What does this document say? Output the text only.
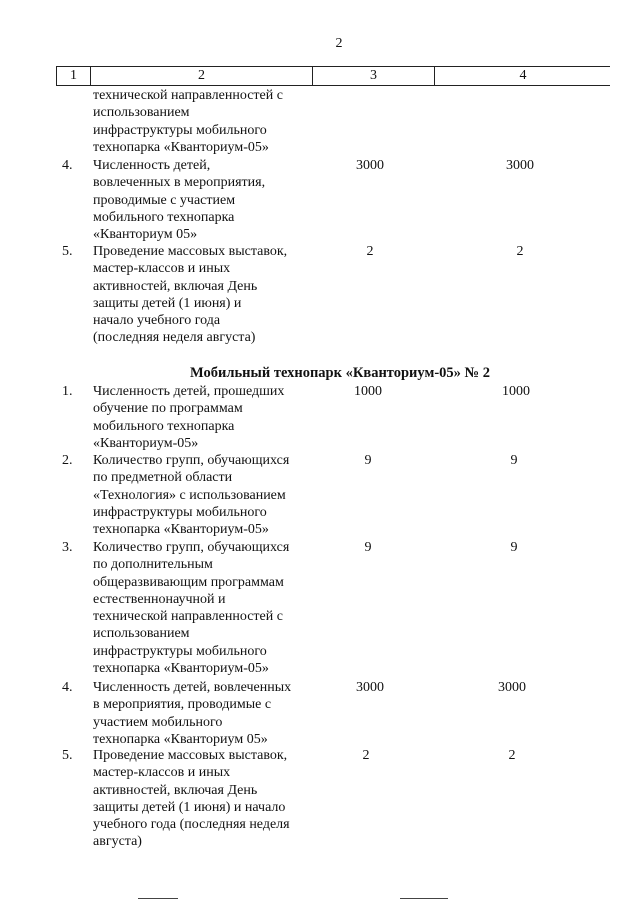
2
1	2	3	4
технической направленностей с
использованием
инфраструктуры мобильного
технопарка «Кванториум-05»
4. Численность детей,
вовлеченных в мероприятия,
проводимые с участием
мобильного технопарка
«Кванториум 05»
3000	3000
5. Проведение массовых выставок,
мастер-классов и иных
активностей, включая День
защиты детей (1 июня) и
начало учебного года
(последняя неделя августа)
2	2
Мобильный технопарк «Кванториум-05» № 2
1. Численность детей, прошедших
обучение по программам
мобильного технопарка
«Кванториум-05»
1000	1000
2. Количество групп, обучающихся
по предметной области
«Технология» с использованием
инфраструктуры мобильного
технопарка «Кванториум-05»
9	9
3. Количество групп, обучающихся
по дополнительным
общеразвивающим программам
естественнонаучной и
технической направленностей с
использованием
инфраструктуры мобильного
технопарка «Кванториум-05»
9	9
4. Численность детей, вовлеченных
в мероприятия, проводимые с
участием мобильного
технопарка «Кванториум 05»
3000	3000
5. Проведение массовых выставок,
мастер-классов и иных
активностей, включая День
защиты детей (1 июня) и начало
учебного года (последняя неделя
августа)
2	2
